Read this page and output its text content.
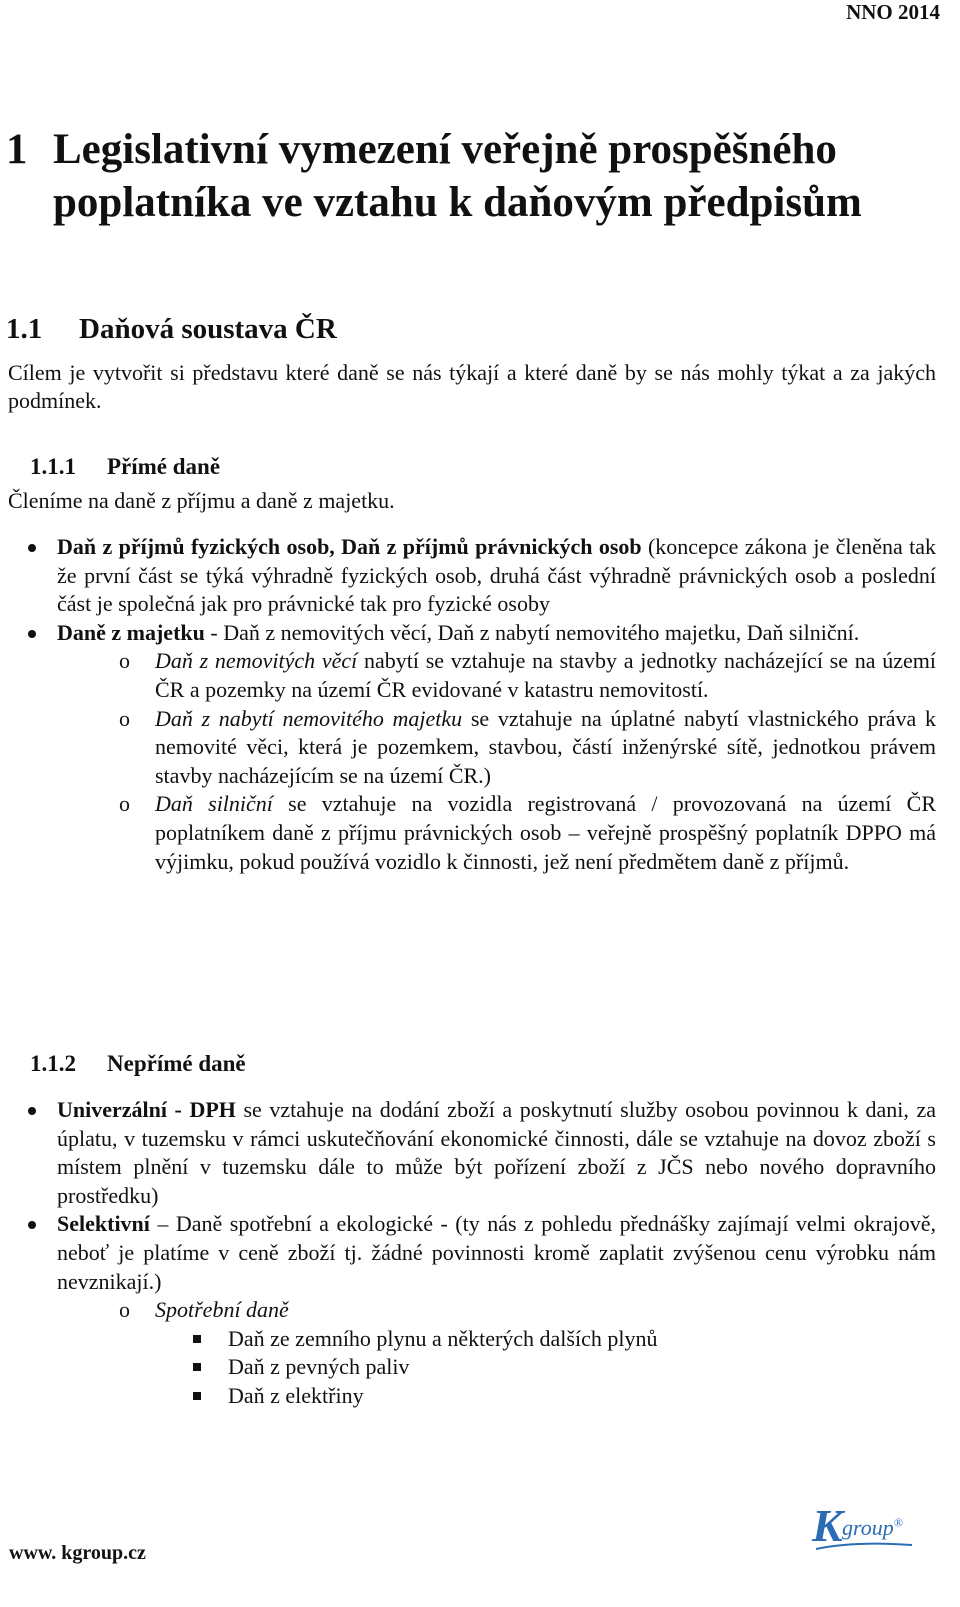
NNO 2014
1 Legislativní vymezení veřejně prospěšného poplatníka ve vztahu k daňovým předpisům
1.1 Daňová soustava ČR
Cílem je vytvořit si představu které daně se nás týkají a které daně by se nás mohly týkat a za jakých podmínek.
1.1.1 Přímé daně
Členíme na daně z příjmu a daně z majetku.
Daň z příjmů fyzických osob, Daň z příjmů právnických osob (koncepce zákona je členěna tak že první část se týká výhradně fyzických osob, druhá část výhradně právnických osob a poslední část je společná jak pro právnické tak pro fyzické osoby
Daně z majetku - Daň z nemovitých věcí, Daň z nabytí nemovitého majetku, Daň silniční.
o Daň z nemovitých věcí nabytí se vztahuje na stavby a jednotky nacházející se na území ČR a pozemky na území ČR evidované v katastru nemovitostí.
o Daň z nabytí nemovitého majetku se vztahuje na úplatné nabytí vlastnického práva k nemovité věci, která je pozemkem, stavbou, částí inženýrské sítě, jednotkou právem stavby nacházejícím se na území ČR.)
o Daň silniční se vztahuje na vozidla registrovaná / provozovaná na území ČR poplatníkem daně z příjmu právnických osob – veřejně prospěšný poplatník DPPO má výjimku, pokud používá vozidlo k činnosti, jež není předmětem daně z příjmů.
1.1.2 Nepřímé daně
Univerzální - DPH se vztahuje na dodání zboží a poskytnutí služby osobou povinnou k dani, za úplatu, v tuzemsku v rámci uskutečňování ekonomické činnosti, dále se vztahuje na dovoz zboží s místem plnění v tuzemsku dále to může být pořízení zboží z JČS nebo nového dopravního prostředku)
Selektivní – Daně spotřební a ekologické - (ty nás z pohledu přednášky zajímají velmi okrajově, neboť je platíme v ceně zboží tj. žádné povinnosti kromě zaplatit zvýšenou cenu výrobku nám nevznikají.)
o Spotřební daně
Daň ze zemního plynu a některých dalších plynů
Daň z pevných paliv
Daň z elektřiny
www. kgroup.cz
K group®
